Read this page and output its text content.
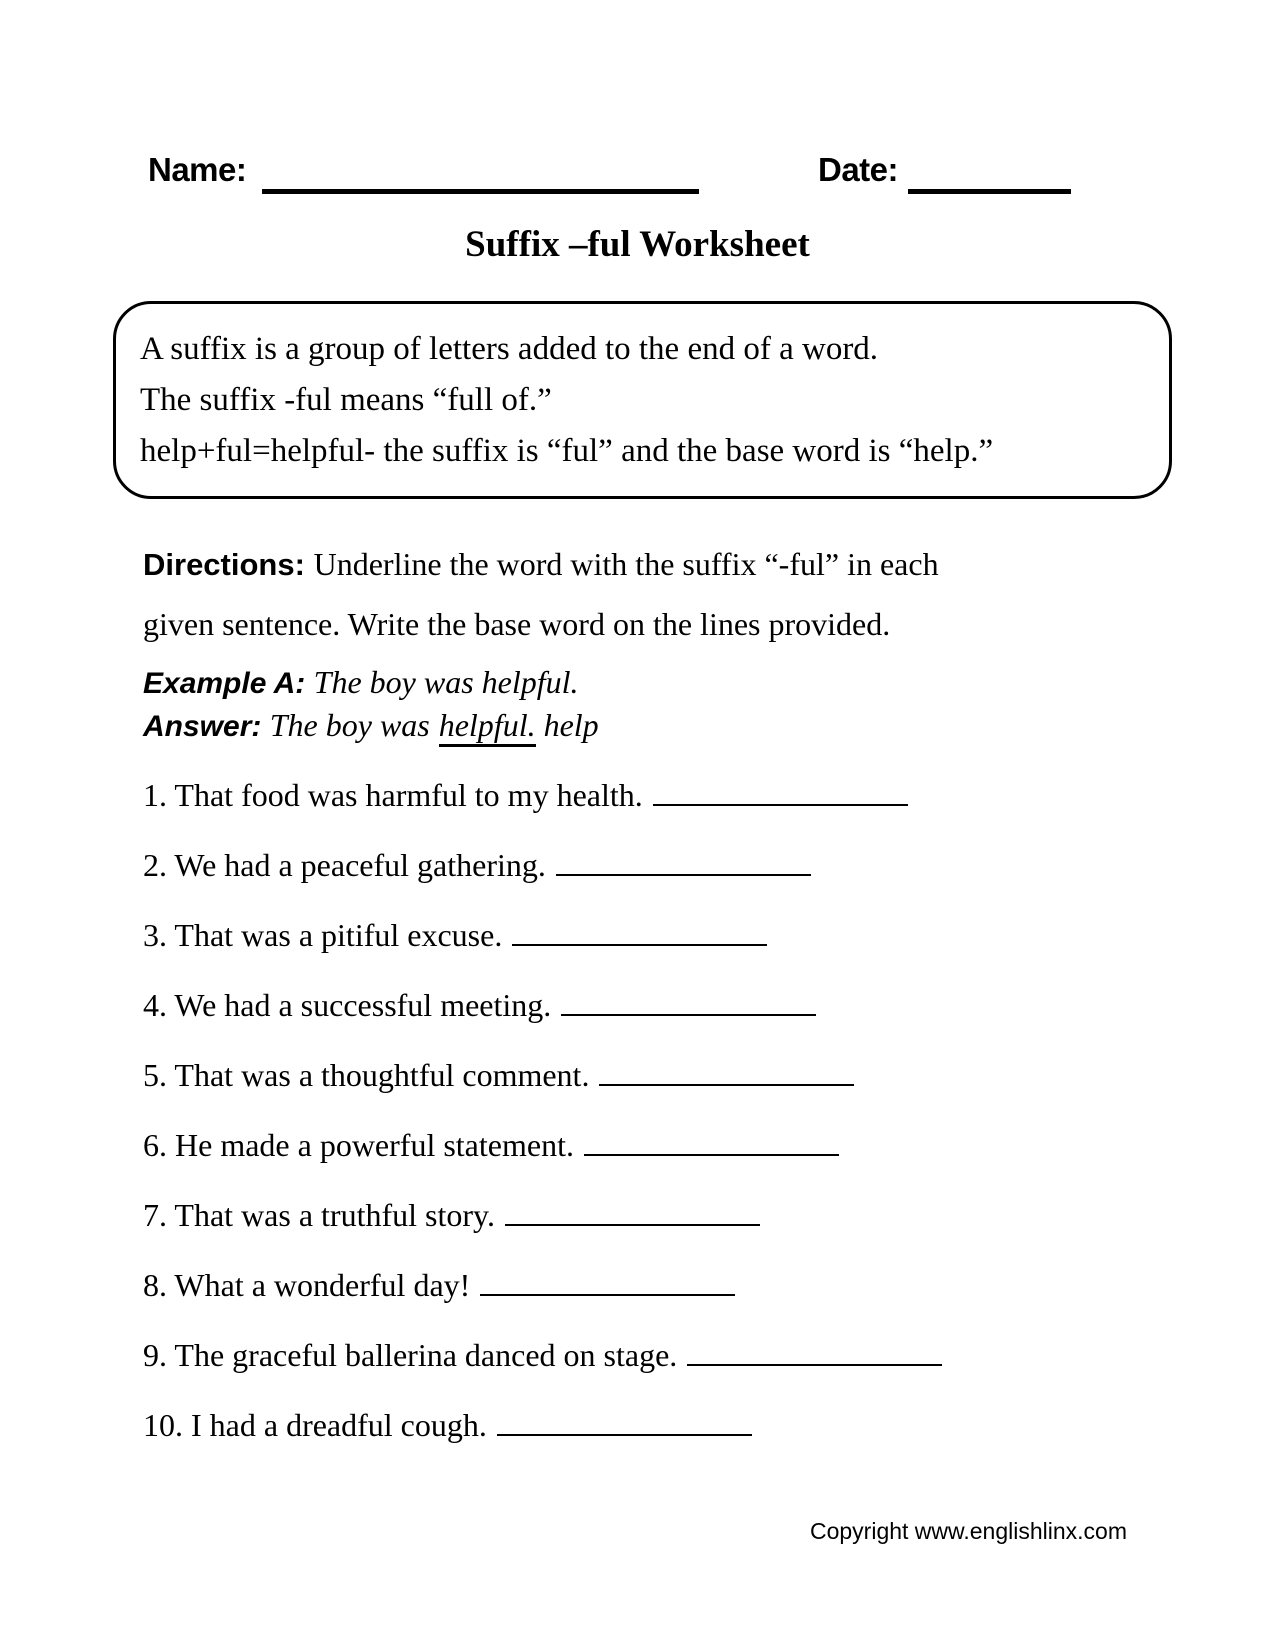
Name:	Date:
Suffix –ful Worksheet
A suffix is a group of letters added to the end of a word.
The suffix -ful means “full of.”
help+ful=helpful- the suffix is “ful” and the base word is “help.”
Directions: Underline the word with the suffix “-ful” in each
given sentence. Write the base word on the lines provided.
Example A: The boy was helpful.
Answer: The boy was helpful. help
1. That food was harmful to my health.
2. We had a peaceful gathering.
3. That was a pitiful excuse.
4. We had a successful meeting.
5. That was a thoughtful comment.
6. He made a powerful statement.
7. That was a truthful story.
8. What a wonderful day!
9. The graceful ballerina danced on stage.
10. I had a dreadful cough.
Copyright www.englishlinx.com
